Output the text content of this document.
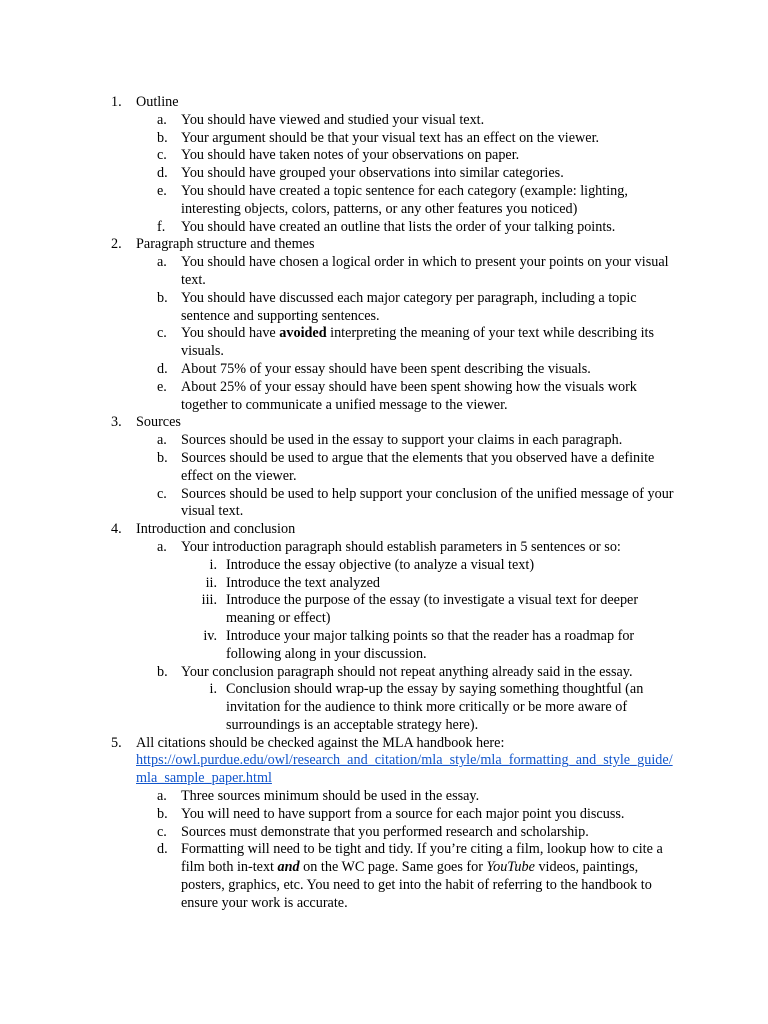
1.	Outline
a. You should have viewed and studied your visual text.
b. Your argument should be that your visual text has an effect on the viewer.
c. You should have taken notes of your observations on paper.
d. You should have grouped your observations into similar categories.
e. You should have created a topic sentence for each category (example: lighting, interesting objects, colors, patterns, or any other features you noticed)
f.	You should have created an outline that lists the order of your talking points.
2.	Paragraph structure and themes
a. You should have chosen a logical order in which to present your points on your visual text.
b. You should have discussed each major category per paragraph, including a topic sentence and supporting sentences.
c. You should have avoided interpreting the meaning of your text while describing its visuals.
d. About 75% of your essay should have been spent describing the visuals.
e. About 25% of your essay should have been spent showing how the visuals work together to communicate a unified message to the viewer.
3.	Sources
a. Sources should be used in the essay to support your claims in each paragraph.
b. Sources should be used to argue that the elements that you observed have a definite effect on the viewer.
c. Sources should be used to help support your conclusion of the unified message of your visual text.
4.	Introduction and conclusion
a. Your introduction paragraph should establish parameters in 5 sentences or so:
i. Introduce the essay objective (to analyze a visual text)
ii. Introduce the text analyzed
iii. Introduce the purpose of the essay (to investigate a visual text for deeper meaning or effect)
iv. Introduce your major talking points so that the reader has a roadmap for following along in your discussion.
b. Your conclusion paragraph should not repeat anything already said in the essay.
i. Conclusion should wrap-up the essay by saying something thoughtful (an invitation for the audience to think more critically or be more aware of surroundings is an acceptable strategy here).
5.	All citations should be checked against the MLA handbook here:
https://owl.purdue.edu/owl/research_and_citation/mla_style/mla_formatting_and_style_guide/mla_sample_paper.html
a. Three sources minimum should be used in the essay.
b. You will need to have support from a source for each major point you discuss.
c. Sources must demonstrate that you performed research and scholarship.
d. Formatting will need to be tight and tidy. If you’re citing a film, lookup how to cite a film both in-text and on the WC page. Same goes for YouTube videos, paintings, posters, graphics, etc. You need to get into the habit of referring to the handbook to ensure your work is accurate.
